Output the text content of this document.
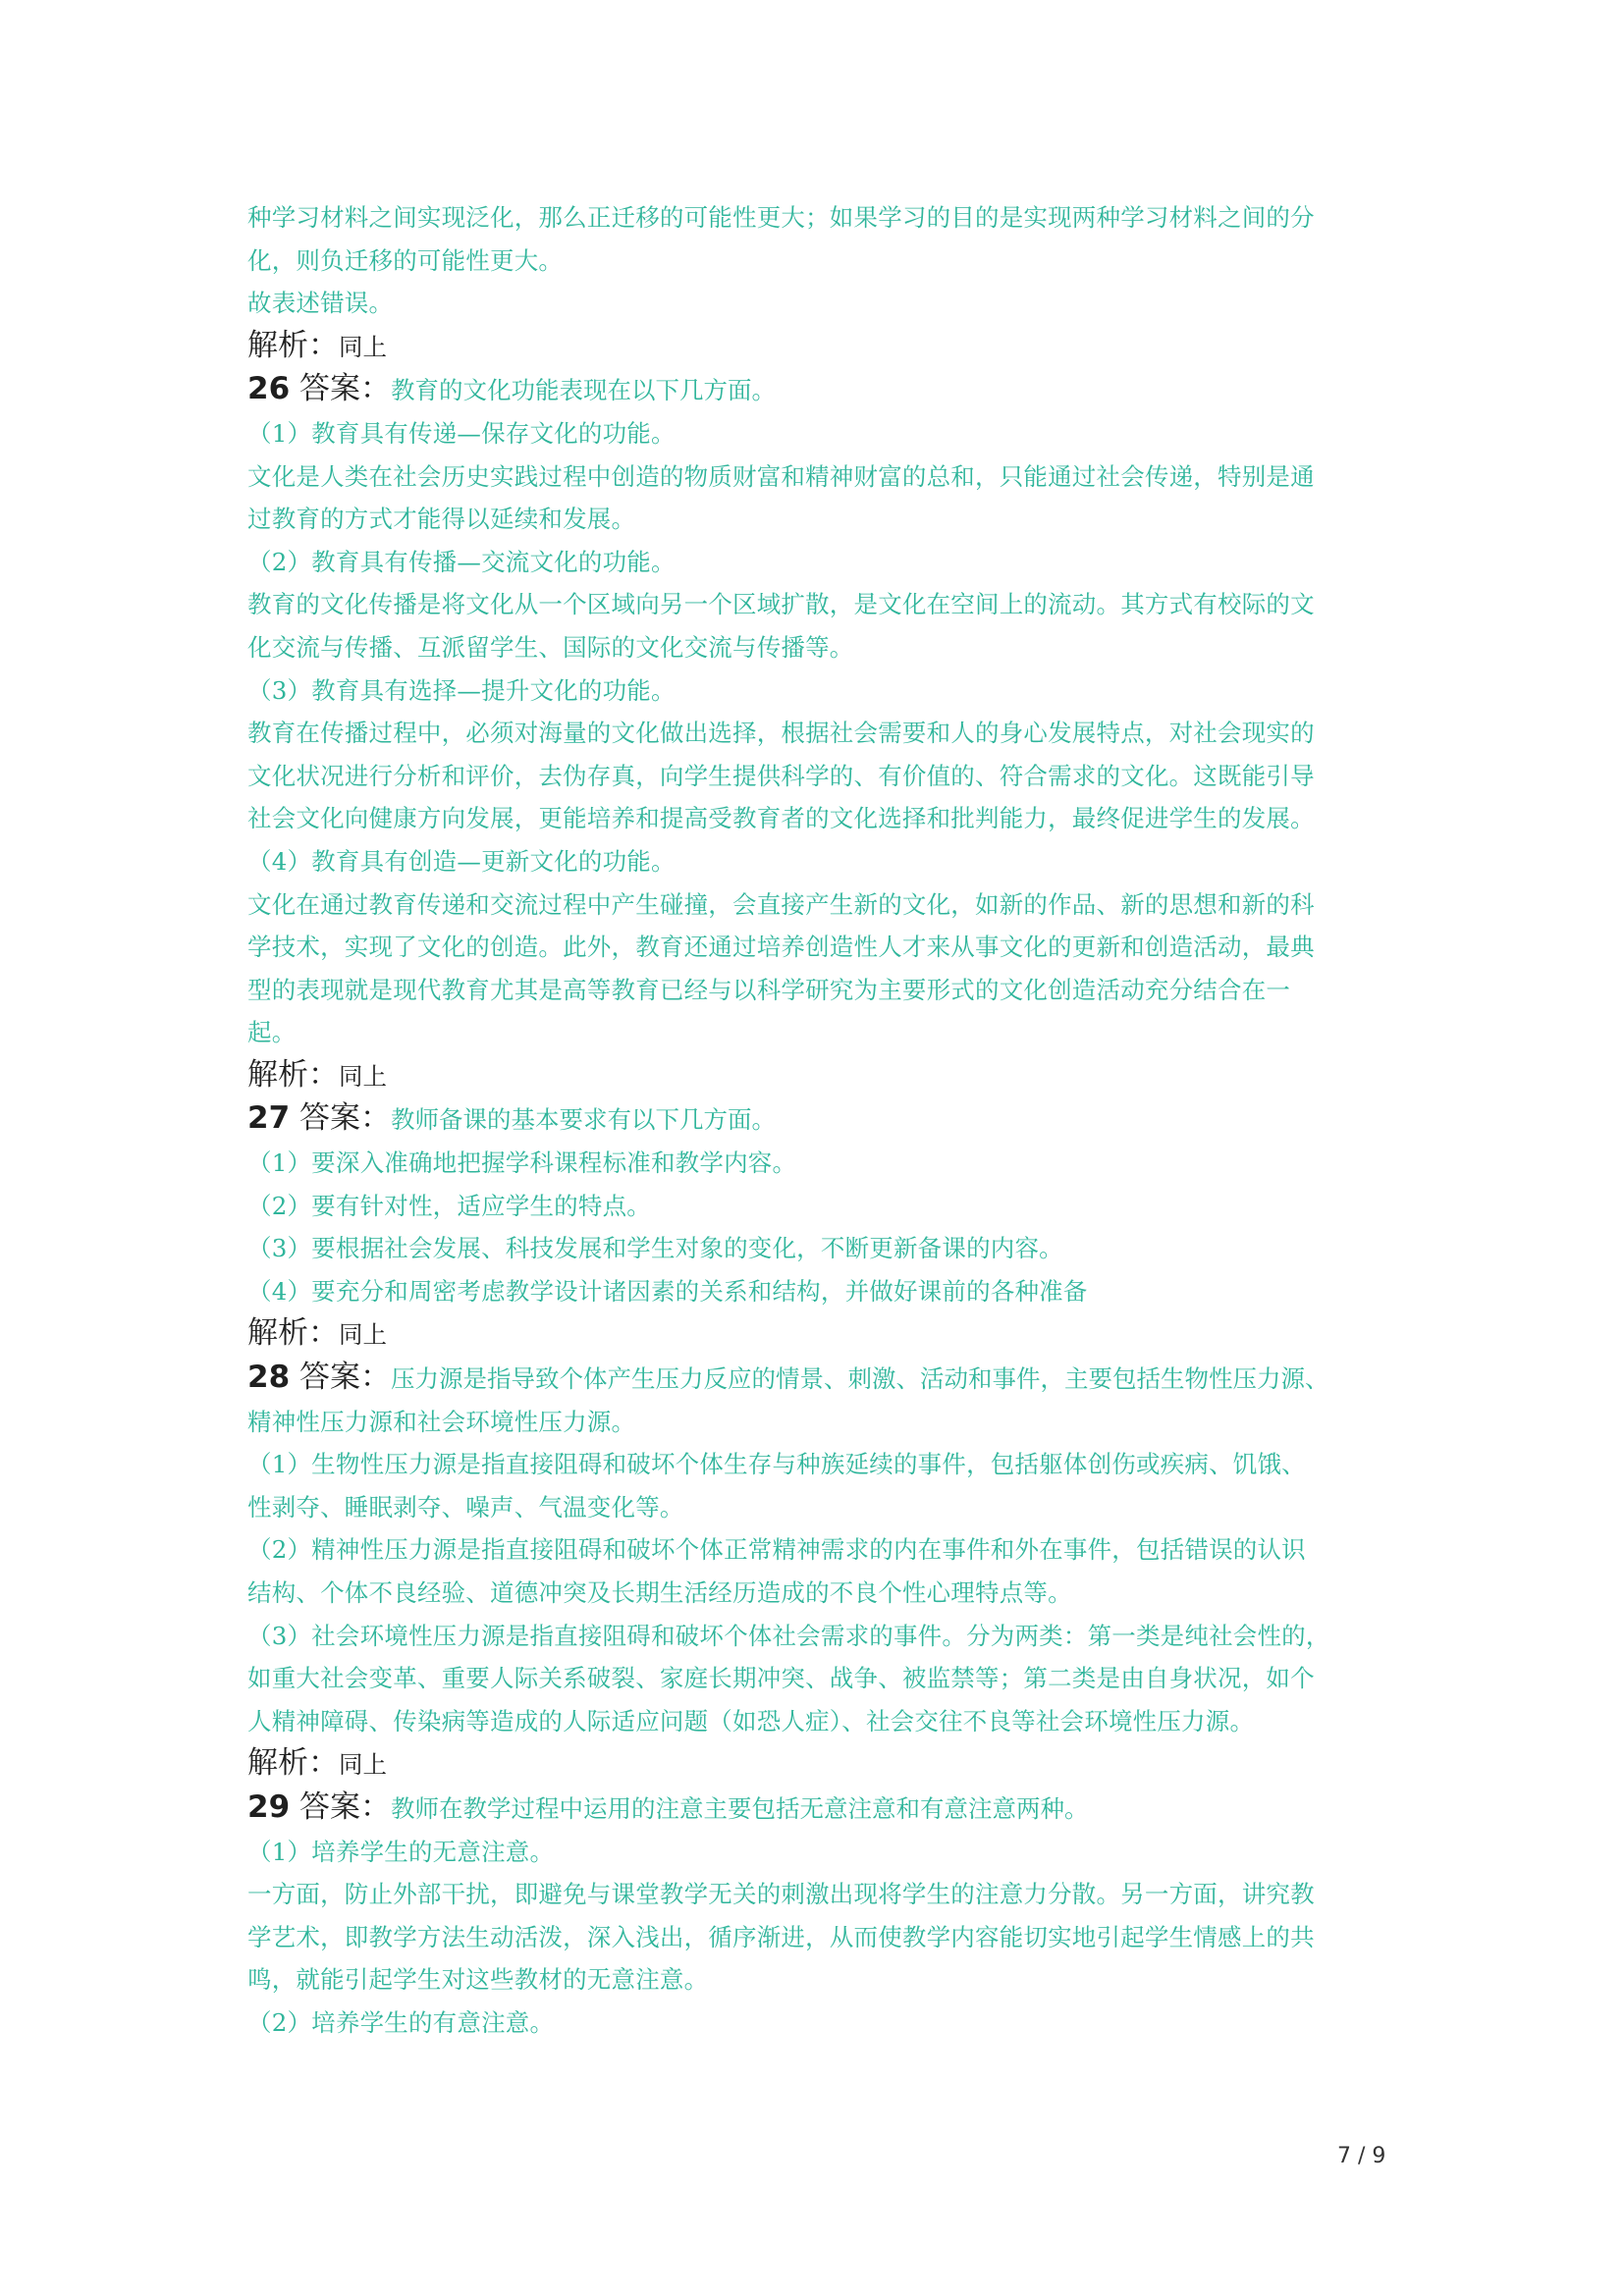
种学习材料之间实现泛化，那么正迁移的可能性更大；如果学习的目的是实现两种学习材料之间的分
化，则负迁移的可能性更大。
故表述错误。
解析：同上
26 答案：教育的文化功能表现在以下几方面。
（1）教育具有传递—保存文化的功能。
文化是人类在社会历史实践过程中创造的物质财富和精神财富的总和，只能通过社会传递，特别是通
过教育的方式才能得以延续和发展。
（2）教育具有传播—交流文化的功能。
教育的文化传播是将文化从一个区域向另一个区域扩散，是文化在空间上的流动。其方式有校际的文
化交流与传播、互派留学生、国际的文化交流与传播等。
（3）教育具有选择—提升文化的功能。
教育在传播过程中，必须对海量的文化做出选择，根据社会需要和人的身心发展特点，对社会现实的
文化状况进行分析和评价，去伪存真，向学生提供科学的、有价值的、符合需求的文化。这既能引导
社会文化向健康方向发展，更能培养和提高受教育者的文化选择和批判能力，最终促进学生的发展。
（4）教育具有创造—更新文化的功能。
文化在通过教育传递和交流过程中产生碰撞，会直接产生新的文化，如新的作品、新的思想和新的科
学技术，实现了文化的创造。此外，教育还通过培养创造性人才来从事文化的更新和创造活动，最典
型的表现就是现代教育尤其是高等教育已经与以科学研究为主要形式的文化创造活动充分结合在一
起。
解析：同上
27 答案：教师备课的基本要求有以下几方面。
（1）要深入准确地把握学科课程标准和教学内容。
（2）要有针对性，适应学生的特点。
（3）要根据社会发展、科技发展和学生对象的变化，不断更新备课的内容。
（4）要充分和周密考虑教学设计诸因素的关系和结构，并做好课前的各种准备
解析：同上
28 答案：压力源是指导致个体产生压力反应的情景、刺激、活动和事件，主要包括生物性压力源、
精神性压力源和社会环境性压力源。
（1）生物性压力源是指直接阻碍和破坏个体生存与种族延续的事件，包括躯体创伤或疾病、饥饿、
性剥夺、睡眠剥夺、噪声、气温变化等。
（2）精神性压力源是指直接阻碍和破坏个体正常精神需求的内在事件和外在事件，包括错误的认识
结构、个体不良经验、道德冲突及长期生活经历造成的不良个性心理特点等。
（3）社会环境性压力源是指直接阻碍和破坏个体社会需求的事件。分为两类：第一类是纯社会性的，
如重大社会变革、重要人际关系破裂、家庭长期冲突、战争、被监禁等；第二类是由自身状况，如个
人精神障碍、传染病等造成的人际适应问题（如恐人症）、社会交往不良等社会环境性压力源。
解析：同上
29 答案：教师在教学过程中运用的注意主要包括无意注意和有意注意两种。
（1）培养学生的无意注意。
一方面，防止外部干扰，即避免与课堂教学无关的刺激出现将学生的注意力分散。另一方面，讲究教
学艺术，即教学方法生动活泼，深入浅出，循序渐进，从而使教学内容能切实地引起学生情感上的共
鸣，就能引起学生对这些教材的无意注意。
（2）培养学生的有意注意。
7 / 9
